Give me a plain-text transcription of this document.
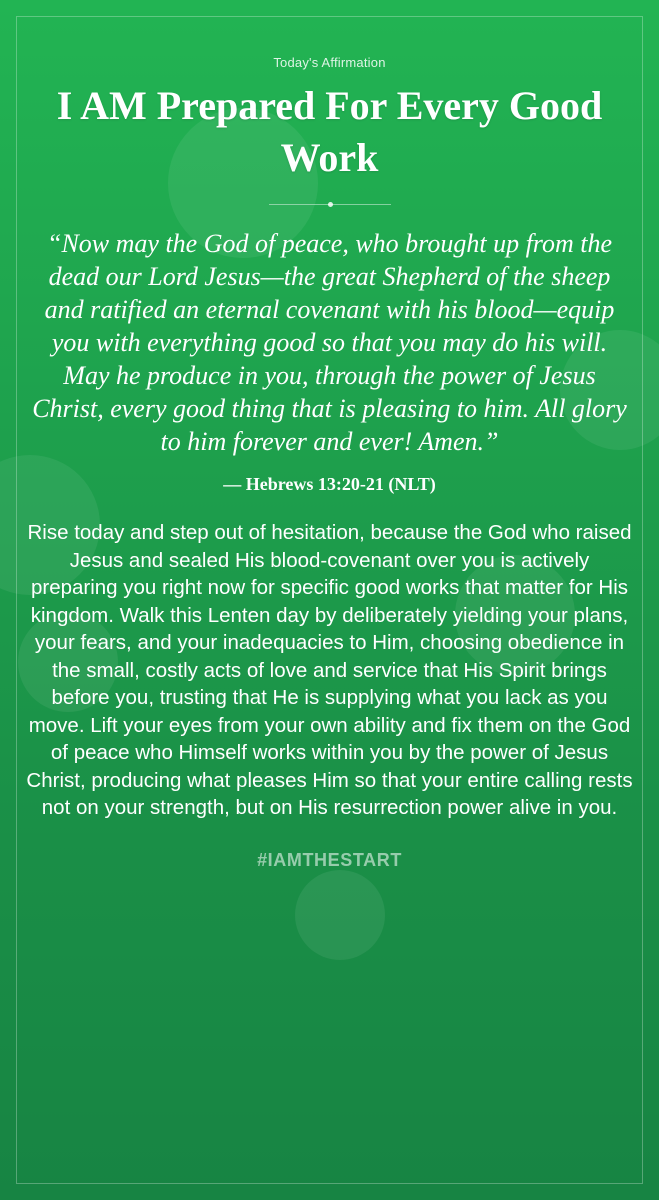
Today's Affirmation
I AM Prepared For Every Good Work
“Now may the God of peace, who brought up from the dead our Lord Jesus—the great Shepherd of the sheep and ratified an eternal covenant with his blood—equip you with everything good so that you may do his will. May he produce in you, through the power of Jesus Christ, every good thing that is pleasing to him. All glory to him forever and ever! Amen.”
— Hebrews 13:20-21 (NLT)
Rise today and step out of hesitation, because the God who raised Jesus and sealed His blood-covenant over you is actively preparing you right now for specific good works that matter for His kingdom. Walk this Lenten day by deliberately yielding your plans, your fears, and your inadequacies to Him, choosing obedience in the small, costly acts of love and service that His Spirit brings before you, trusting that He is supplying what you lack as you move. Lift your eyes from your own ability and fix them on the God of peace who Himself works within you by the power of Jesus Christ, producing what pleases Him so that your entire calling rests not on your strength, but on His resurrection power alive in you.
#IAMTHESTART
